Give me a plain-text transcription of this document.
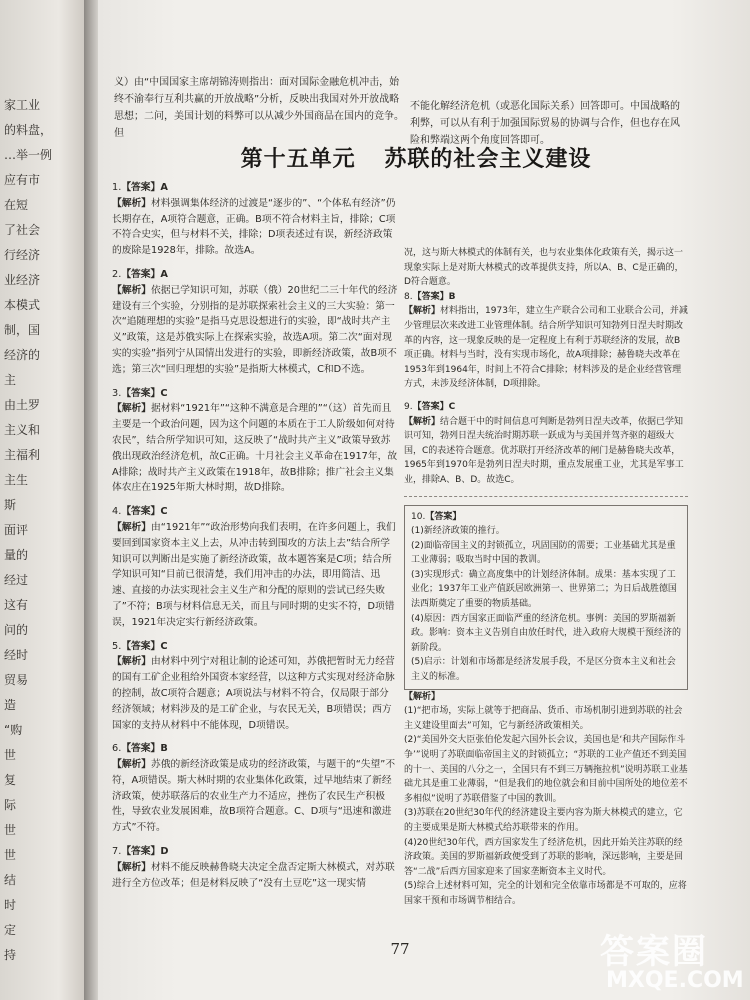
家工业
的料盘，
…举一例
应有市
在短
了社会
行经济
业经济
本模式
制，国
经济的
主
由土罗
主义和
主福利
主生
斯
面评
量的
经过
这有
问的
经时
贸易
造
“购
世
复
际
世
世
结
时
定
持
义）由“中国国家主席胡锦涛则指出：面对国际金融危机冲击，始终不渝奉行互利共赢的开放战略”分析，反映出我国对外开放战略思想；二问，美国计划的料弊可以从减少外国商品在国内的竞争。但
不能化解经济危机（或恶化国际关系）回答即可。中国战略的利弊，可以从有利于加强国际贸易的协调与合作，但也存在风险和弊端这两个角度回答即可。
第十五单元 苏联的社会主义建设
1.【答案】A

【解析】材料强调集体经济的过渡是“逐步的”、“个体私有经济”仍长期存在，A项符合题意，正确。B项不符合材料主旨，排除；C项不符合史实，但与材料不关，排除；D项表述过有误，新经济政策的废除是1928年，排除。故选A。

2.【答案】A

【解析】依据已学知识可知，苏联（俄）20世纪二三十年代的经济建设有三个实验，分别指的是苏联探索社会主义的三大实验：第一次“追随理想的实验”是指马克思设想进行的实验，即“战时共产主义”政策，这是苏俄实际上在探索实验，故选A项。第二次“面对现实的实验”指列宁从国情出发进行的实验，即新经济政策，故B项不选；第三次“回归理想的实验”是指斯大林模式，C和D不选。

3.【答案】C

【解析】据材料“1921年”“这种不满意是合理的”“（这）首先而且主要是一个政治问题，因为这个问题的本质在于工人阶级如何对待农民”，结合所学知识可知，这反映了“战时共产主义”政策导致苏俄出现政治经济危机，故C正确。十月社会主义革命在1917年，故A排除；战时共产主义政策在1918年，故B排除；推广社会主义集体农庄在1925年斯大林时期，故D排除。

4.【答案】C

【解析】由“1921年”“政治形势向我们表明，在许多问题上，我们要回到国家资本主义上去，从冲击转到围攻的方法上去”结合所学知识可以判断出是实施了新经济政策，故本题答案是C项；结合所学知识可知“目前已很清楚，我们用冲击的办法，即用简洁、迅速、直接的办法实现社会主义生产和分配的原则的尝试已经失败了”不符；B项与材料信息无关，而且与同时期的史实不符，D项错误，1921年决定实行新经济政策。

5.【答案】C

【解析】由材料中列宁对租让制的论述可知，苏俄把暂时无力经营的国有工矿企业租给外国资本家经营，以这种方式实现对经济命脉的控制，故C项符合题意；A项说法与材料不符合，仅局限于部分经济领域；材料涉及的是工矿企业，与农民无关，B项错误；西方国家的支持从材料中不能体现，D项错误。

6.【答案】B

【解析】苏俄的新经济政策是成功的经济政策，与题干的“失望”不符，A项错误。斯大林时期的农业集体化政策，过早地结束了新经济政策，使苏联落后的农业生产力不适应，挫伤了农民生产积极性，导致农业发展困难，故B项符合题意。C、D项与“迅速和激进方式”不符。

7.【答案】D

【解析】材料不能反映赫鲁晓夫决定全盘否定斯大林模式，对苏联进行全方位改革；但是材料反映了“没有土豆吃”这一现实情

况，这与斯大林模式的体制有关，也与农业集体化政策有关，揭示这一现象实际上是对斯大林模式的改革提供支持，所以A、B、C是正确的，D符合题意。

8.【答案】B

【解析】材料指出，1973年，建立生产联合公司和工业联合公司，并减少管理层次来改进工业管理体制。结合所学知识可知勃列日涅夫时期改革的内容，这一现象反映的是一定程度上有利于苏联经济的发展，故B项正确。材料与当时，没有实现市场化，故A项排除；赫鲁晓夫改革在1953年到1964年，时间上不符合C排除；材料涉及的是企业经营管理方式，未涉及经济体制，D项排除。

9.【答案】C

【解析】结合题干中的时间信息可判断是勃列日涅夫改革，依据已学知识可知，勃列日涅夫统治时期苏联一跃成为与美国并驾齐驱的超级大国，C的表述符合题意。优苏联打开经济改革的闸门是赫鲁晓夫改革，1965年到1970年是勃列日涅夫时期，重点发展重工业，尤其是军事工业，排除A、B、D。故选C。

10.【答案】
(1)新经济政策的推行。
(2)面临帝国主义的封锁孤立，巩固国防的需要；工业基础尤其是重工业薄弱；吸取当时中国的教训。
(3)实现形式：确立高度集中的计划经济体制。成果：基本实现了工业化；1937年工业产值跃居欧洲第一、世界第二；为日后战胜德国法西斯奠定了重要的物质基础。
(4)原因：西方国家正面临严重的经济危机。事例：美国的罗斯福新政。影响：资本主义告别自由放任时代，进入政府大规模干预经济的新阶段。
(5)启示：计划和市场都是经济发展手段，不是区分资本主义和社会主义的标准。
【解析】
(1)“把市场，实际上就等于把商品、货币、市场机制引进到苏联的社会主义建设里面去”可知，它与新经济政策相关。
(2)“美国外交大臣张伯伦发起六国外长会议，美国也是‘和共产国际作斗争’”说明了苏联面临帝国主义的封锁孤立；“苏联的工业产值还不到美国的十一、美国的八分之一，全国只有不到三万辆拖拉机”说明苏联工业基础尤其是重工业薄弱，“但是我们的地位就会和目前中国所处的地位差不多相似”说明了苏联借鉴了中国的教训。
(3)苏联在20世纪30年代的经济建设主要内容为斯大林模式的建立，它的主要成果是斯大林模式给苏联带来的作用。
(4)20世纪30年代，西方国家发生了经济危机，因此开始关注苏联的经济政策。美国的罗斯福新政便受到了苏联的影响，深远影响，主要是回答“二战”后西方国家迎来了国家垄断资本主义时代。
(5)综合上述材料可知，完全的计划和完全依靠市场都是不可取的，应将国家干预和市场调节相结合。
77	答案圈
MXQE.COM
